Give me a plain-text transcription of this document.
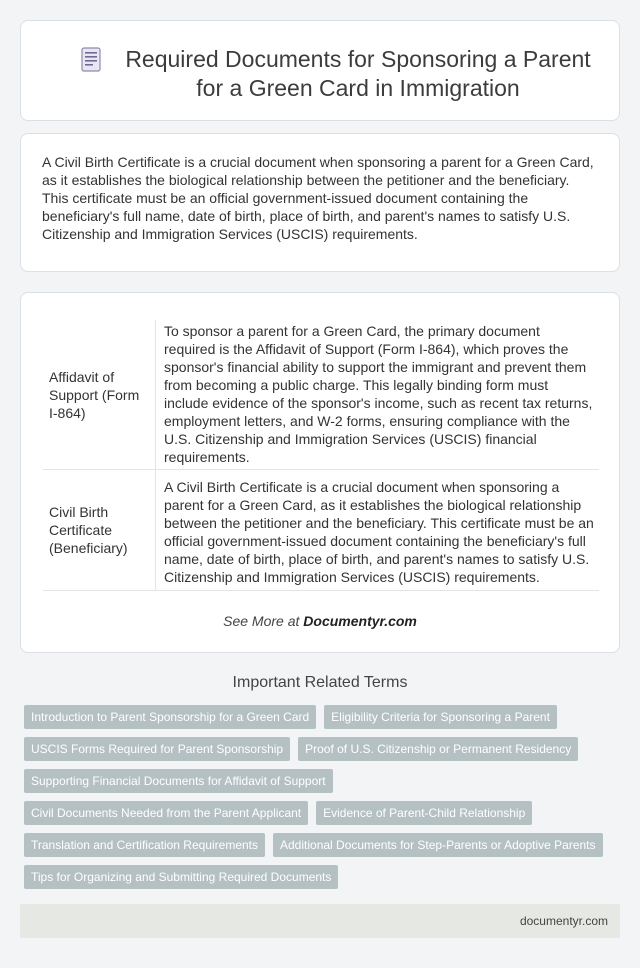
Required Documents for Sponsoring a Parent for a Green Card in Immigration

A Civil Birth Certificate is a crucial document when sponsoring a parent for a Green Card, as it establishes the biological relationship between the petitioner and the beneficiary. This certificate must be an official government-issued document containing the beneficiary's full name, date of birth, place of birth, and parent's names to satisfy U.S. Citizenship and Immigration Services (USCIS) requirements.

Affidavit of Support (Form I-864)
To sponsor a parent for a Green Card, the primary document required is the Affidavit of Support (Form I-864), which proves the sponsor's financial ability to support the immigrant and prevent them from becoming a public charge. This legally binding form must include evidence of the sponsor's income, such as recent tax returns, employment letters, and W-2 forms, ensuring compliance with the U.S. Citizenship and Immigration Services (USCIS) financial requirements.
Civil Birth Certificate (Beneficiary)
A Civil Birth Certificate is a crucial document when sponsoring a parent for a Green Card, as it establishes the biological relationship between the petitioner and the beneficiary. This certificate must be an official government-issued document containing the beneficiary's full name, date of birth, place of birth, and parent's names to satisfy U.S. Citizenship and Immigration Services (USCIS) requirements.
See More at Documentyr.com
Important Related Terms
Introduction to Parent Sponsorship for a Green Card	Eligibility Criteria for Sponsoring a Parent
USCIS Forms Required for Parent Sponsorship	Proof of U.S. Citizenship or Permanent Residency
Supporting Financial Documents for Affidavit of Support
Civil Documents Needed from the Parent Applicant	Evidence of Parent-Child Relationship
Translation and Certification Requirements	Additional Documents for Step-Parents or Adoptive Parents
Tips for Organizing and Submitting Required Documents
documentyr.com
